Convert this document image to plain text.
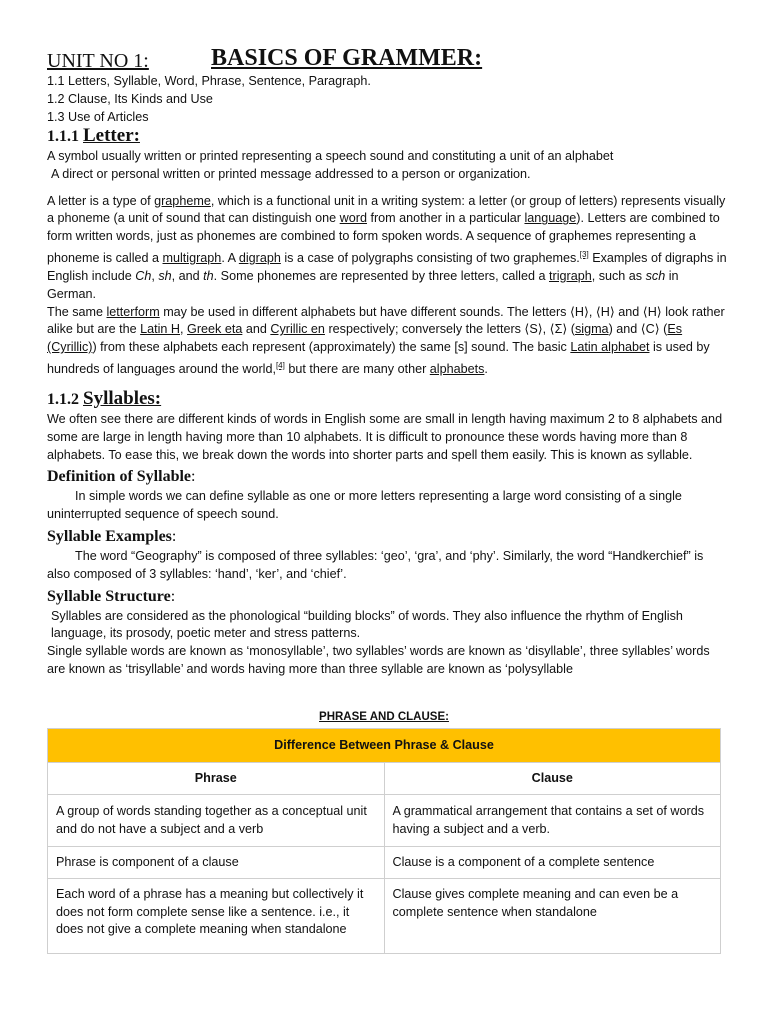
UNIT NO 1:	BASICS OF GRAMMER:

1.1 Letters, Syllable, Word, Phrase, Sentence, Paragraph.

1.2 Clause, Its Kinds and Use

1.3 Use of Articles

1.1.1 Letter:

A symbol usually written or printed representing a speech sound and constituting a unit of an alphabet

A direct or personal written or printed message addressed to a person or organization.

A letter is a type of grapheme, which is a functional unit in a writing system: a letter (or group of letters) represents visually a phoneme (a unit of sound that can distinguish one word from another in a particular language). Letters are combined to form written words, just as phonemes are combined to form spoken words. A sequence of graphemes representing a phoneme is called a multigraph. A digraph is a case of polygraphs consisting of two graphemes.[3] Examples of digraphs in English include Ch, sh, and th. Some phonemes are represented by three letters, called a trigraph, such as sch in German.

The same letterform may be used in different alphabets but have different sounds. The letters ⟨H⟩, ⟨H⟩ and ⟨H⟩ look rather alike but are the Latin H, Greek eta and Cyrillic en respectively; conversely the letters ⟨S⟩, ⟨Σ⟩ (sigma) and ⟨C⟩ (Es (Cyrillic)) from these alphabets each represent (approximately) the same [s] sound. The basic Latin alphabet is used by hundreds of languages around the world,[4] but there are many other alphabets.

1.1.2 Syllables:

We often see there are different kinds of words in English some are small in length having maximum 2 to 8 alphabets and some are large in length having more than 10 alphabets. It is difficult to pronounce these words having more than 8 alphabets. To ease this, we break down the words into shorter parts and spell them easily. This is known as syllable.

Definition of Syllable:

In simple words we can define syllable as one or more letters representing a large word consisting of a single uninterrupted sequence of speech sound.

Syllable Examples:

The word “Geography” is composed of three syllables: ‘geo’, ‘gra’, and ‘phy’. Similarly, the word “Handkerchief” is also composed of 3 syllables: ‘hand’, ‘ker’, and ‘chief’.

Syllable Structure:

Syllables are considered as the phonological “building blocks” of words. They also influence the rhythm of English language, its prosody, poetic meter and stress patterns.

Single syllable words are known as ‘monosyllable’, two syllables’ words are known as ‘disyllable’, three syllables’ words are known as ‘trisyllable’ and words having more than three syllable are known as ‘polysyllable

PHRASE AND CLAUSE:
Difference Between Phrase & Clause	
Phrase	Clause
A group of words standing together as a conceptual unit and do not have a subject and a verb	A grammatical arrangement that contains a set of words having a subject and a verb.
Phrase is component of a clause	Clause is a component of a complete sentence
Each word of a phrase has a meaning but collectively it does not form complete sense like a sentence. i.e., it does not give a complete meaning when standalone	Clause gives complete meaning and can even be a complete sentence when standalone
